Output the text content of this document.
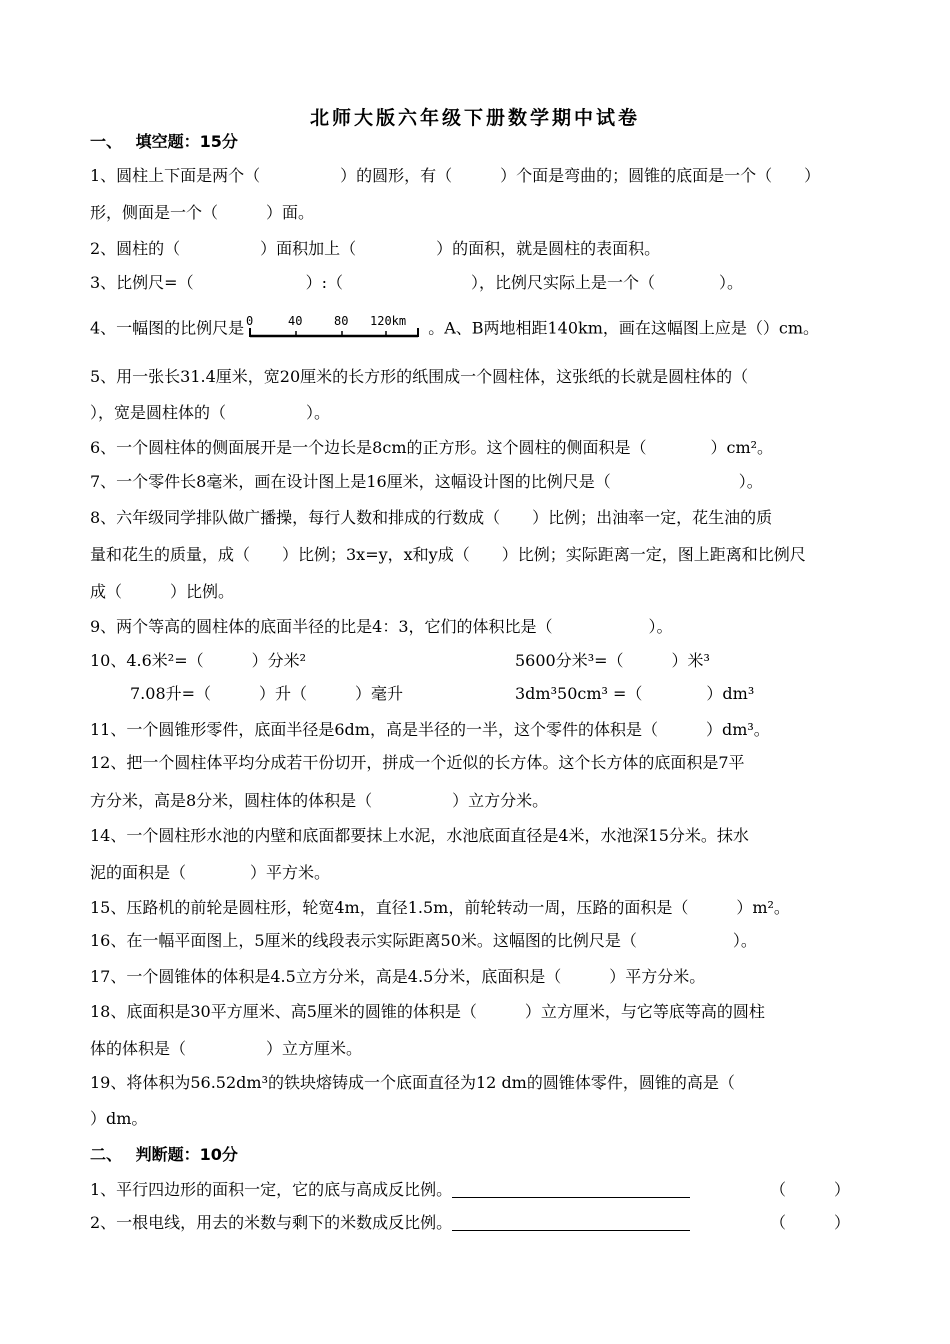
北师大版六年级下册数学期中试卷
一、　 填空题：15分
1、圆柱上下面是两个（　　　　　）的圆形，有（　　　）个面是弯曲的；圆锥的底面是一个（　　）
形，侧面是一个（　　　）面。
2、圆柱的（　　　　　）面积加上（　　　　　）的面积，就是圆柱的表面积。
3、比例尺=（　　　　　　　）:（　　　　　　　　），比例尺实际上是一个（　　　　）。
4、一幅图的比例尺是 0	40	80 120km 。A、B两地相距140km，画在这幅图上应是（）cm。
5、用一张长31.4厘米，宽20厘米的长方形的纸围成一个圆柱体，这张纸的长就是圆柱体的（
），宽是圆柱体的（　　　　　）。
6、一个圆柱体的侧面展开是一个边长是8cm的正方形。这个圆柱的侧面积是（　　　　）cm²。
7、一个零件长8毫米，画在设计图上是16厘米，这幅设计图的比例尺是（　　　　　　　　）。
8、六年级同学排队做广播操，每行人数和排成的行数成（　　）比例；出油率一定，花生油的质
量和花生的质量，成（　　）比例；3x=y，x和y成（　　）比例；实际距离一定，图上距离和比例尺
成（　　　）比例。
9、两个等高的圆柱体的底面半径的比是4：3，它们的体积比是（　　　　　　）。
10、4.6米²=（　　　）分米²	5600分米³=（　　　）米³
7.08升=（　　　）升（　　　）毫升	3dm³50cm³ =（　　　　）dm³
11、一个圆锥形零件，底面半径是6dm，高是半径的一半，这个零件的体积是（　　　）dm³。
12、把一个圆柱体平均分成若干份切开，拼成一个近似的长方体。这个长方体的底面积是7平
方分米，高是8分米，圆柱体的体积是（　　　　　）立方分米。
14、一个圆柱形水池的内壁和底面都要抹上水泥，水池底面直径是4米，水池深15分米。抹水
泥的面积是（　　　　）平方米。
15、压路机的前轮是圆柱形，轮宽4m，直径1.5m，前轮转动一周，压路的面积是（　　　）m²。
16、在一幅平面图上，5厘米的线段表示实际距离50米。这幅图的比例尺是（　　　　　　）。
17、一个圆锥体的体积是4.5立方分米，高是4.5分米，底面积是（　　　）平方分米。
18、底面积是30平方厘米、高5厘米的圆锥的体积是（　　　）立方厘米，与它等底等高的圆柱
体的体积是（　　　　　）立方厘米。
19、将体积为56.52dm³的铁块熔铸成一个底面直径为12 dm的圆锥体零件，圆锥的高是（
）dm。
二、　 判断题：10分
1、平行四边形的面积一定，它的底与高成反比例。	（　　　）
2、一根电线，用去的米数与剩下的米数成反比例。	（　　　）
